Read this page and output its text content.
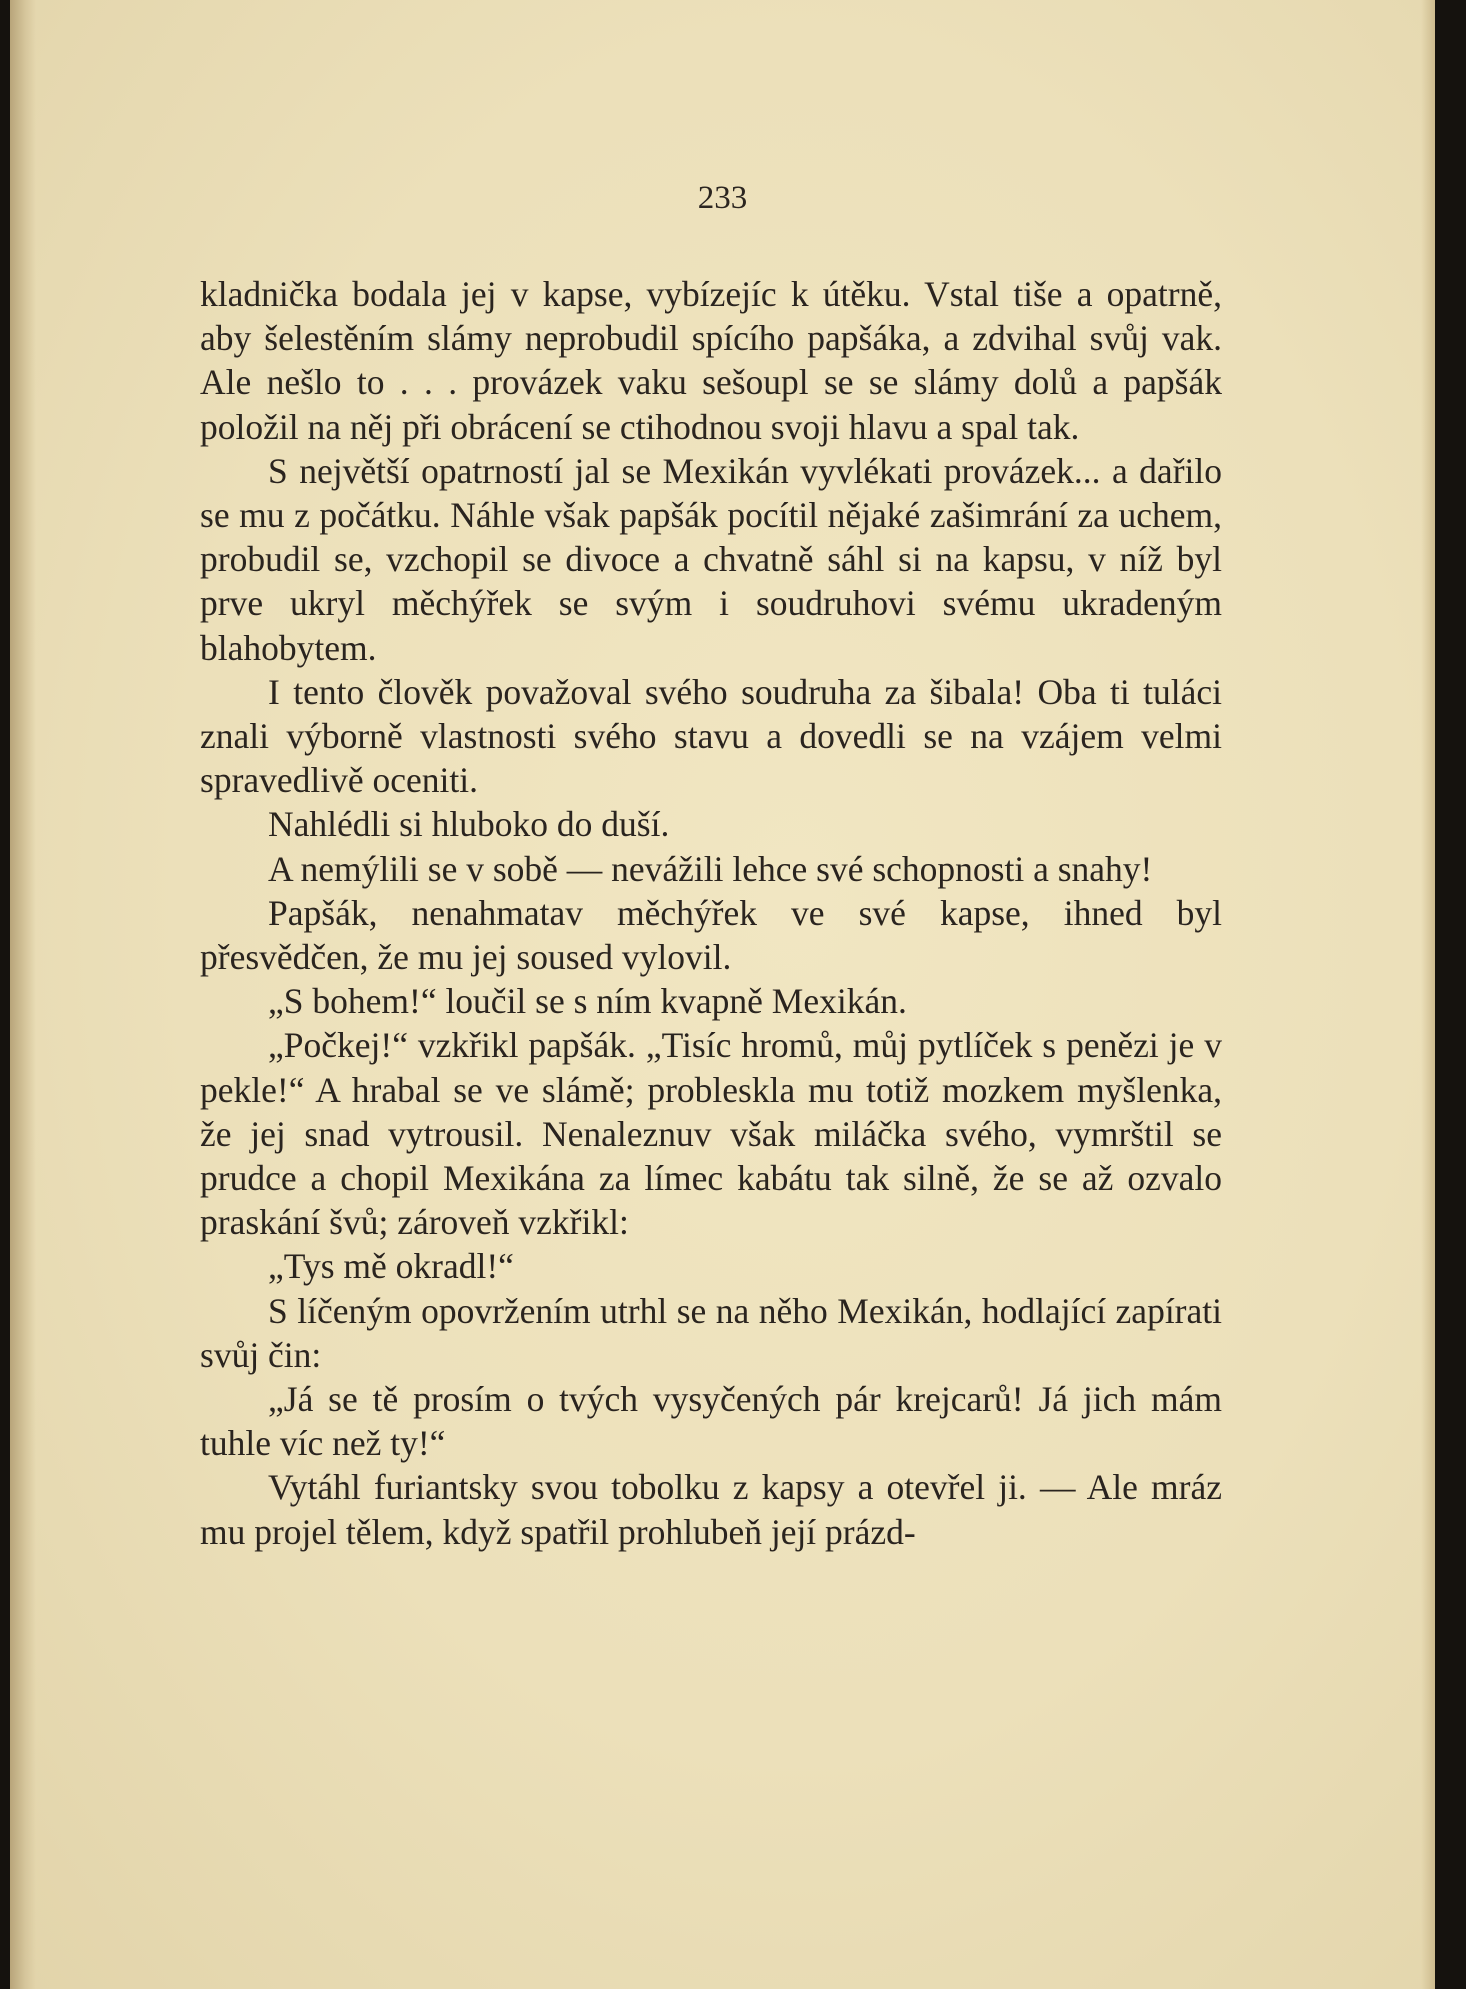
233

kladnička bodala jej v kapse, vybízejíc k útěku. Vstal tiše a opatrně, aby šelestěním slámy neprobudil spícího papšáka, a zdvihal svůj vak. Ale nešlo to . . . provázek vaku sešoupl se se slámy dolů a papšák položil na něj při obrácení se ctihodnou svoji hlavu a spal tak.

S největší opatrností jal se Mexikán vyvlékati provázek... a dařilo se mu z počátku. Náhle však papšák pocítil nějaké zašimrání za uchem, probudil se, vzchopil se divoce a chvatně sáhl si na kapsu, v níž byl prve ukryl měchýřek se svým i soudruhovi svému ukradeným blahobytem.

I tento člověk považoval svého soudruha za šibala! Oba ti tuláci znali výborně vlastnosti svého stavu a dovedli se na vzájem velmi spravedlivě oceniti.

Nahlédli si hluboko do duší.

A nemýlili se v sobě — nevážili lehce své schopnosti a snahy!

Papšák, nenahmatav měchýřek ve své kapse, ihned byl přesvědčen, že mu jej soused vylovil.

„S bohem!“ loučil se s ním kvapně Mexikán.

„Počkej!“ vzkřikl papšák. „Tisíc hromů, můj pytlíček s penězi je v pekle!“ A hrabal se ve slámě; probleskla mu totiž mozkem myšlenka, že jej snad vytrousil. Nenaleznuv však miláčka svého, vymrštil se prudce a chopil Mexikána za límec kabátu tak silně, že se až ozvalo praskání švů; zároveň vzkřikl:

„Tys mě okradl!“

S líčeným opovržením utrhl se na něho Mexikán, hodlající zapírati svůj čin:

„Já se tě prosím o tvých vysyčených pár krejcarů! Já jich mám tuhle víc než ty!“

Vytáhl furiantsky svou tobolku z kapsy a otevřel ji. — Ale mráz mu projel tělem, když spatřil prohlubeň její prázd-
